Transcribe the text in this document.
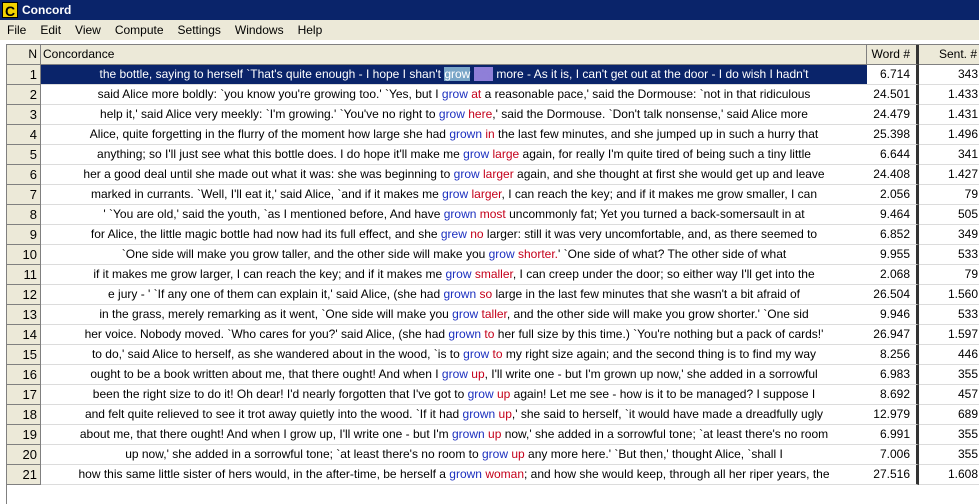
C Concord
File	Edit	View	Compute	Settings	Windows	Help
N Concordance	Word #	Sent. #
1	the bottle, saying to herself `That's quite enough - I hope I shan't grow any more - As it is, I can't get out at the door - I do wish I hadn't	6.714	343
2	said Alice more boldly: `you know you're growing too.' `Yes, but I grow at a reasonable pace,' said the Dormouse: `not in that ridiculous	24.501	1.433
3	help it,' said Alice very meekly: `I'm growing.' `You've no right to grow here,' said the Dormouse. `Don't talk nonsense,' said Alice more	24.479	1.431
4	Alice, quite forgetting in the flurry of the moment how large she had grown in the last few minutes, and she jumped up in such a hurry that	25.398	1.496
5	anything; so I'll just see what this bottle does. I do hope it'll make me grow large again, for really I'm quite tired of being such a tiny little	6.644	341
6	her a good deal until she made out what it was: she was beginning to grow larger again, and she thought at first she would get up and leave	24.408	1.427
7	marked in currants. `Well, I'll eat it,' said Alice, `and if it makes me grow larger, I can reach the key; and if it makes me grow smaller, I can	2.056	79
8	' `You are old,' said the youth, `as I mentioned before, And have grown most uncommonly fat; Yet you turned a back-somersault in at	9.464	505
9	for Alice, the little magic bottle had now had its full effect, and she grew no larger: still it was very uncomfortable, and, as there seemed to	6.852	349
10	`One side will make you grow taller, and the other side will make you grow shorter.' `One side of what? The other side of what	9.955	533
11	if it makes me grow larger, I can reach the key; and if it makes me grow smaller, I can creep under the door; so either way I'll get into the	2.068	79
12	e jury - ' `If any one of them can explain it,' said Alice, (she had grown so large in the last few minutes that she wasn't a bit afraid of	26.504	1.560
13	in the grass, merely remarking as it went, `One side will make you grow taller, and the other side will make you grow shorter.' `One sid	9.946	533
14	her voice. Nobody moved. `Who cares for you?' said Alice, (she had grown to her full size by this time.) `You're nothing but a pack of cards!'	26.947	1.597
15	to do,' said Alice to herself, as she wandered about in the wood, `is to grow to my right size again; and the second thing is to find my way	8.256	446
16	ought to be a book written about me, that there ought! And when I grow up, I'll write one - but I'm grown up now,' she added in a sorrowful	6.983	355
17	been the right size to do it! Oh dear! I'd nearly forgotten that I've got to grow up again! Let me see - how is it to be managed? I suppose I	8.692	457
18	and felt quite relieved to see it trot away quietly into the wood. `If it had grown up,' she said to herself, `it would have made a dreadfully ugly	12.979	689
19	about me, that there ought! And when I grow up, I'll write one - but I'm grown up now,' she added in a sorrowful tone; `at least there's no room	6.991	355
20	up now,' she added in a sorrowful tone; `at least there's no room to grow up any more here.' `But then,' thought Alice, `shall I	7.006	355
21	how this same little sister of hers would, in the after-time, be herself a grown woman; and how she would keep, through all her riper years, the	27.516	1.608
